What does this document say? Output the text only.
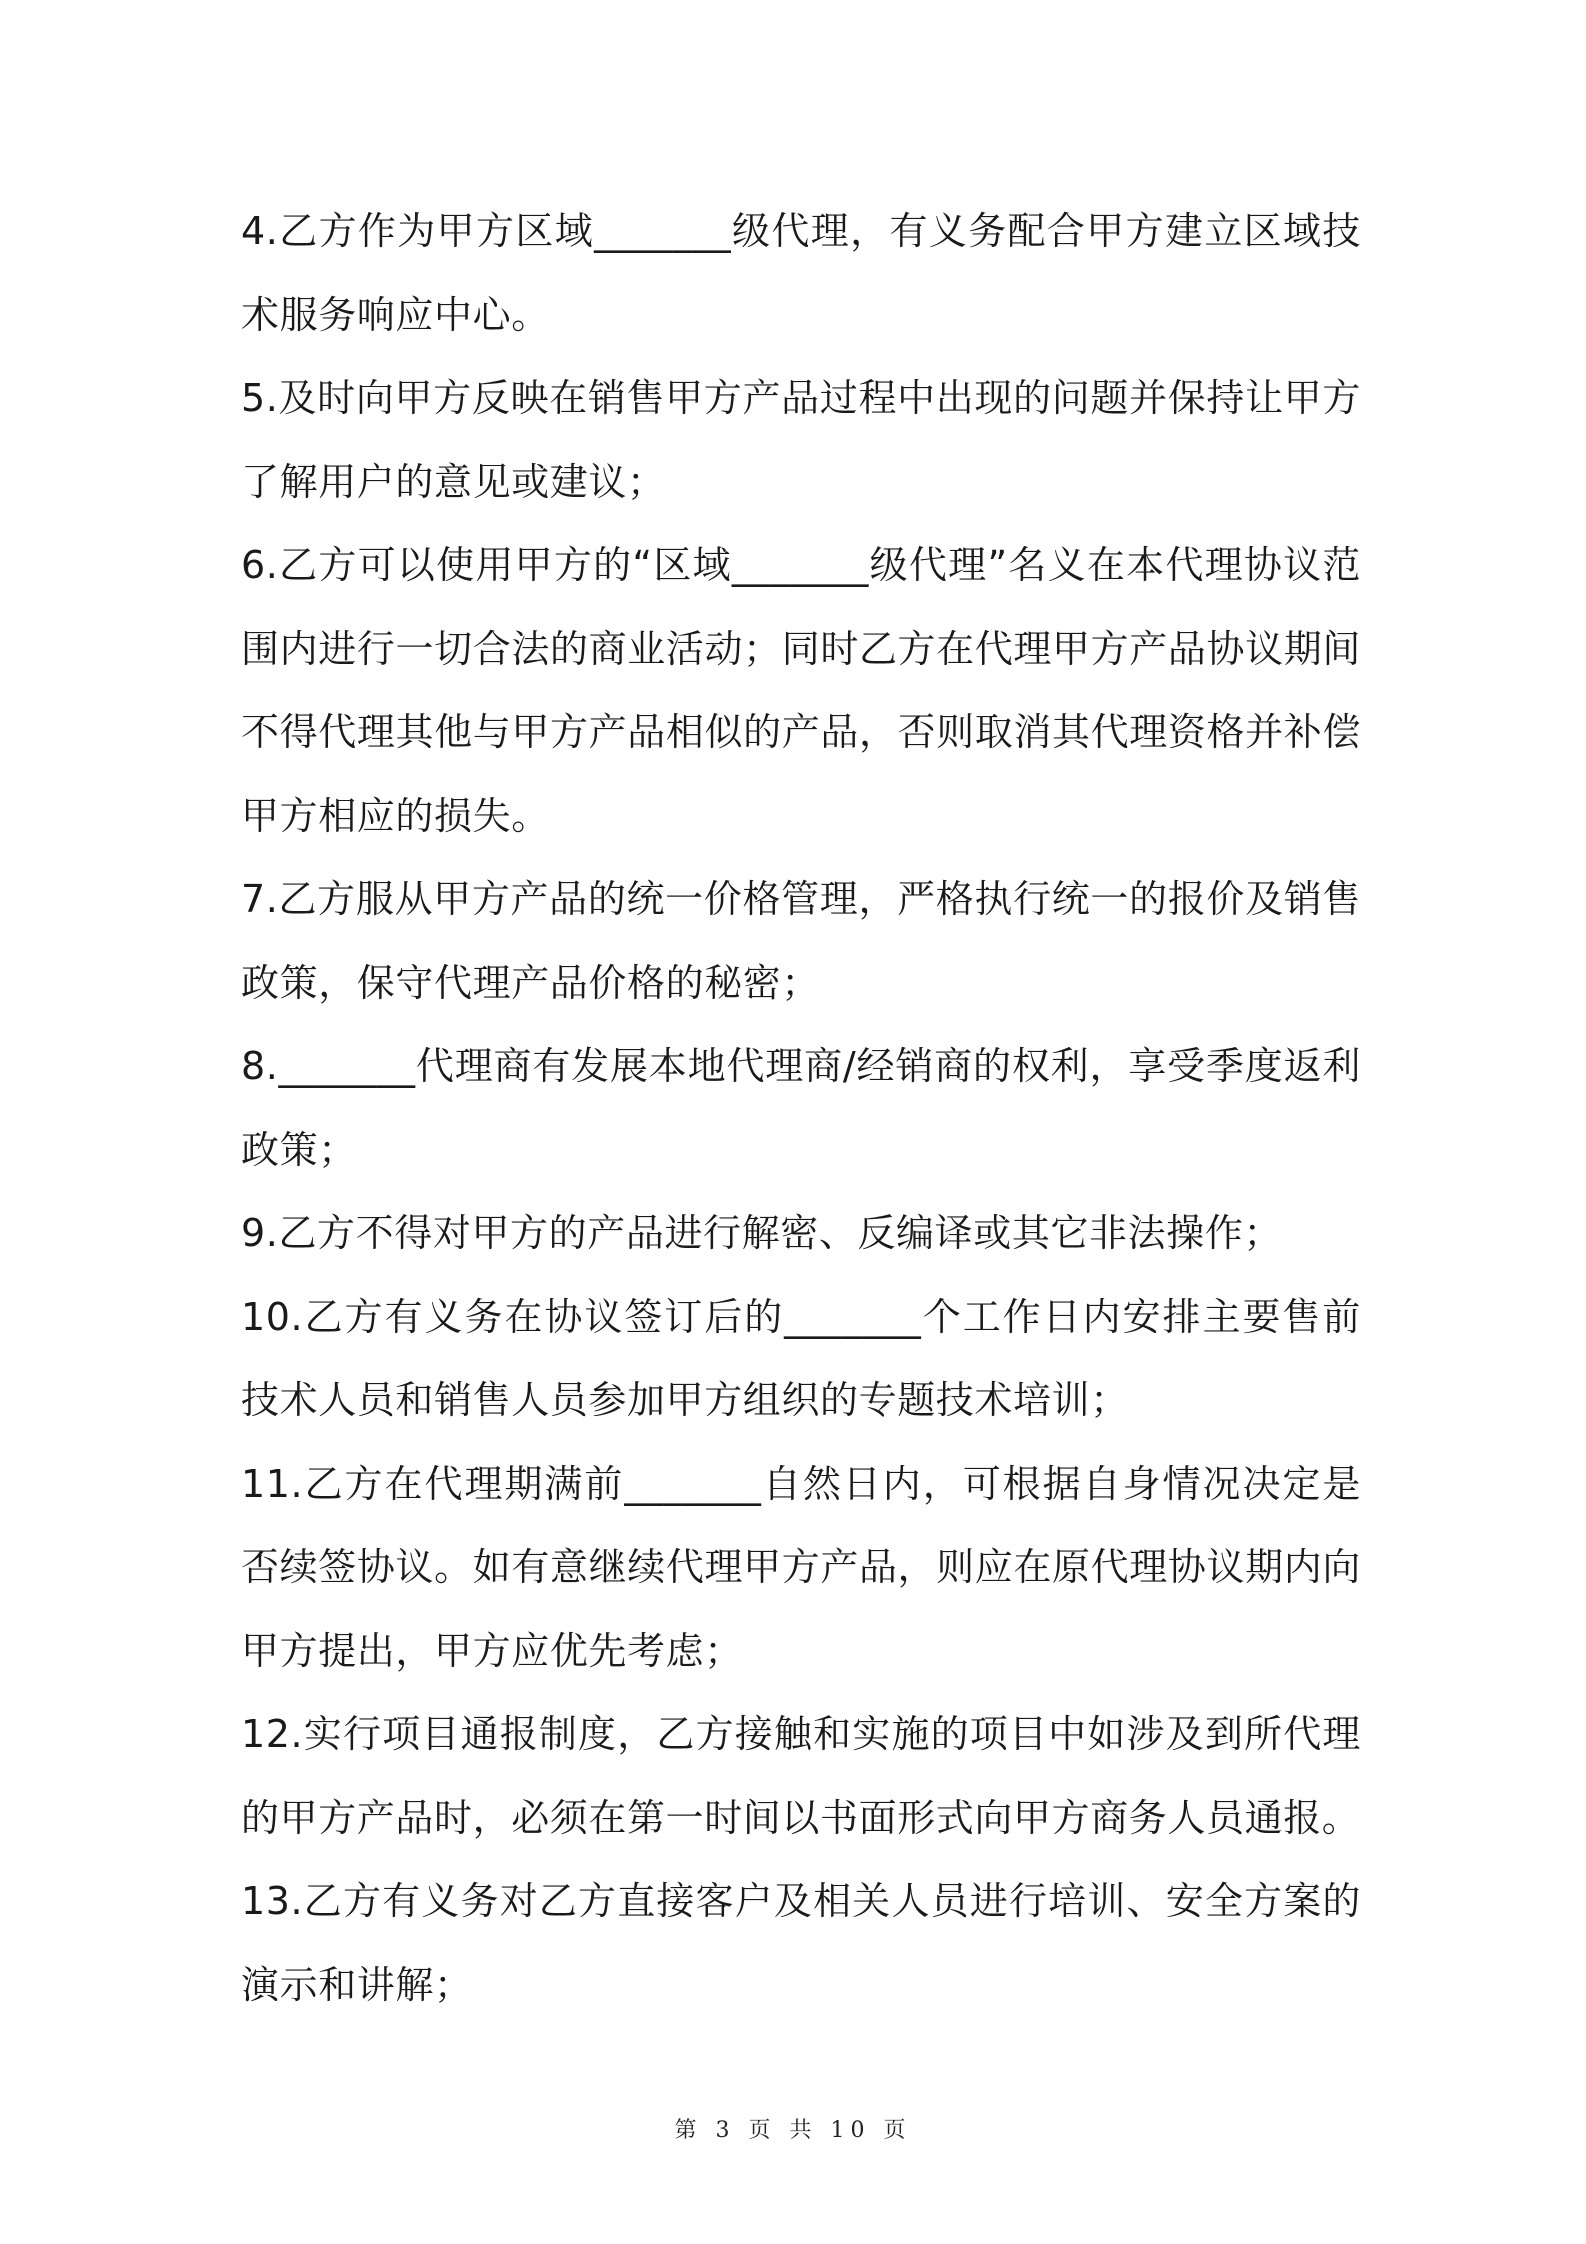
4.乙方作为甲方区域_______级代理，有义务配合甲方建立区域技术服务响应中心。

5.及时向甲方反映在销售甲方产品过程中出现的问题并保持让甲方了解用户的意见或建议；

6.乙方可以使用甲方的“区域_______级代理”名义在本代理协议范围内进行一切合法的商业活动；同时乙方在代理甲方产品协议期间不得代理其他与甲方产品相似的产品，否则取消其代理资格并补偿甲方相应的损失。

7.乙方服从甲方产品的统一价格管理，严格执行统一的报价及销售政策，保守代理产品价格的秘密；

8._______代理商有发展本地代理商/经销商的权利，享受季度返利政策；

9.乙方不得对甲方的产品进行解密、反编译或其它非法操作；

10.乙方有义务在协议签订后的_______个工作日内安排主要售前技术人员和销售人员参加甲方组织的专题技术培训；

11.乙方在代理期满前_______自然日内，可根据自身情况决定是否续签协议。如有意继续代理甲方产品，则应在原代理协议期内向甲方提出，甲方应优先考虑；

12.实行项目通报制度，乙方接触和实施的项目中如涉及到所代理的甲方产品时，必须在第一时间以书面形式向甲方商务人员通报。

13.乙方有义务对乙方直接客户及相关人员进行培训、安全方案的演示和讲解；

第 3 页 共 10 页
